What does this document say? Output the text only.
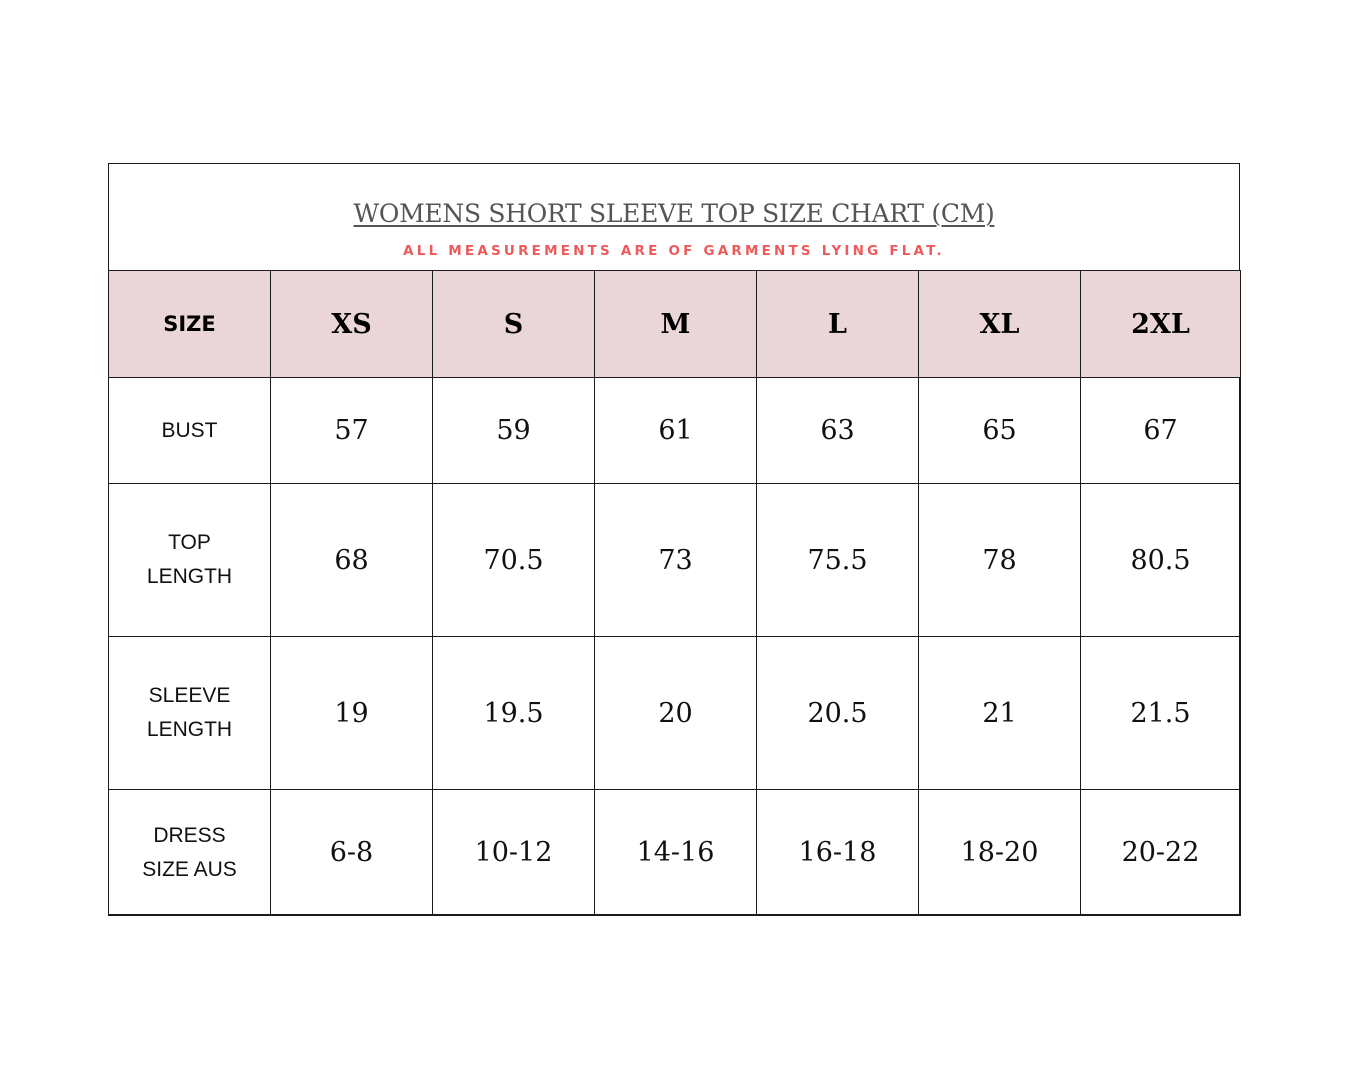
WOMENS SHORT SLEEVE TOP SIZE CHART (CM)
ALL MEASUREMENTS ARE OF GARMENTS LYING FLAT.
SIZE	XS	S	M	L	XL	2XL

BUST	57	59	61	63	65	67

TOP
LENGTH	68	70.5	73	75.5	78	80.5

SLEEVE
LENGTH	19	19.5	20	20.5	21	21.5

DRESS
SIZE AUS	6-8	10-12	14-16	16-18	18-20	20-22
